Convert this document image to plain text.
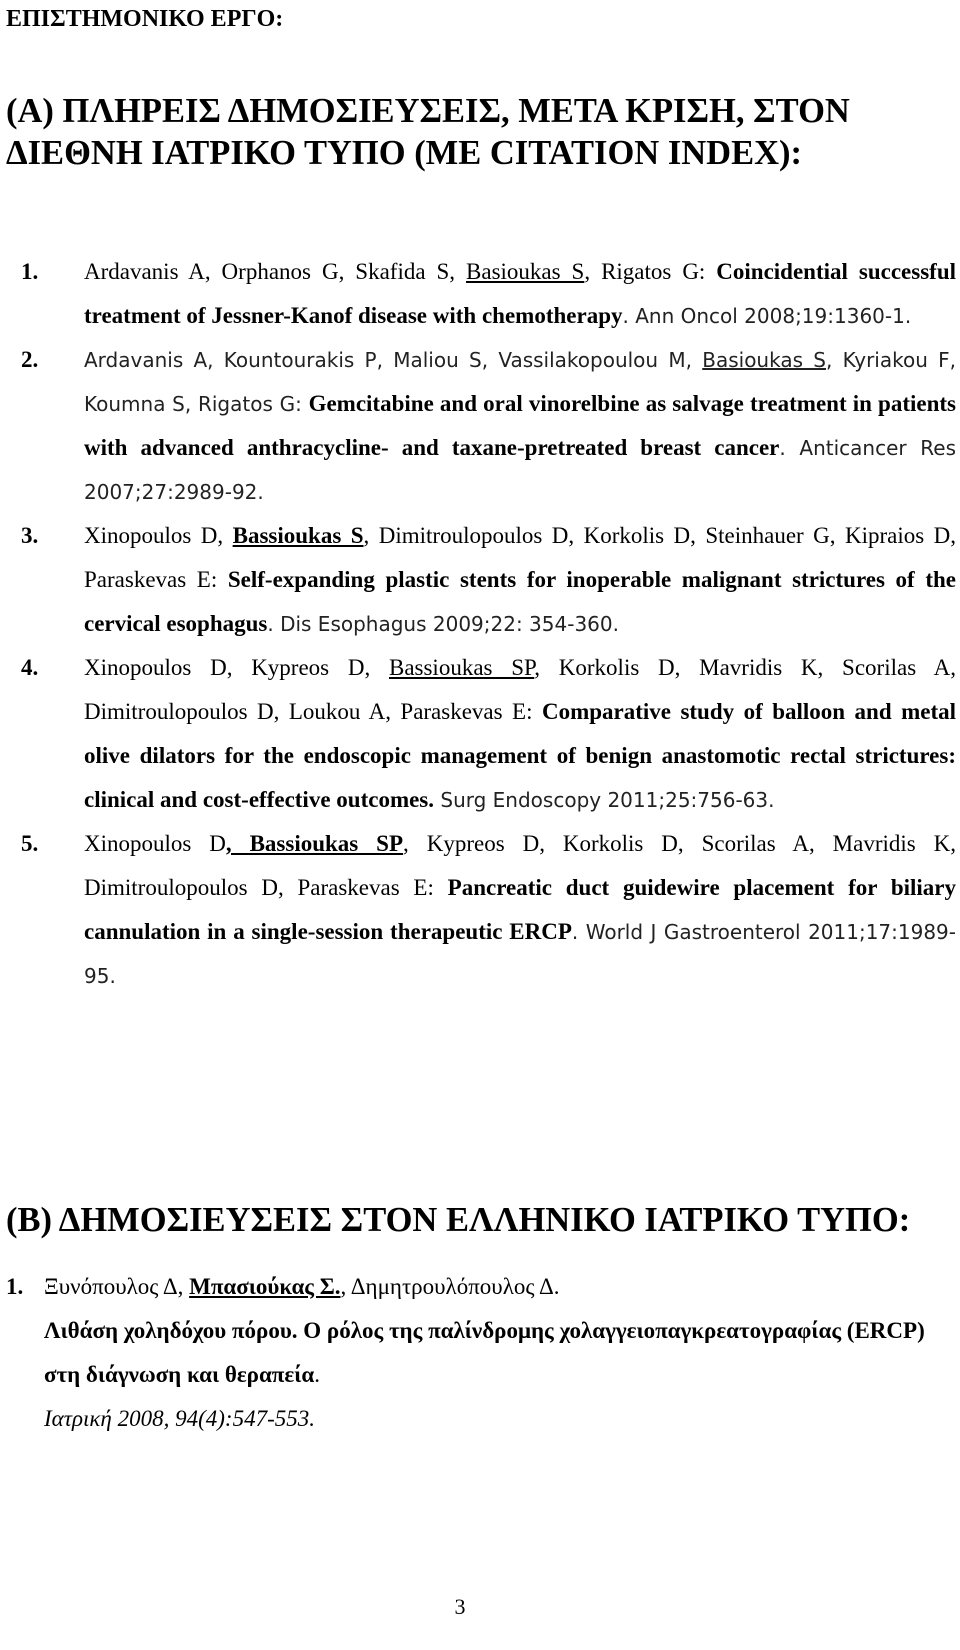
ΕΠΙΣΤΗΜΟΝΙΚΟ ΕΡΓΟ:
(Α) ΠΛΗΡΕΙΣ ΔΗΜΟΣΙΕΥΣΕΙΣ, ΜΕΤΑ ΚΡΙΣΗ, ΣΤΟΝ ΔΙΕΘΝΗ ΙΑΤΡΙΚΟ ΤΥΠΟ (ΜΕ CITATION INDEX):
1. Ardavanis A, Orphanos G, Skafida S, Basioukas S, Rigatos G: Coincidential successful treatment of Jessner-Kanof disease with chemotherapy. Ann Oncol 2008;19:1360-1.
2. Ardavanis A, Kountourakis P, Maliou S, Vassilakopoulou M, Basioukas S, Kyriakou F, Koumna S, Rigatos G: Gemcitabine and oral vinorelbine as salvage treatment in patients with advanced anthracycline- and taxane-pretreated breast cancer. Anticancer Res 2007;27:2989-92.
3. Xinopoulos D, Bassioukas S, Dimitroulopoulos D, Korkolis D, Steinhauer G, Kipraios D, Paraskevas E: Self-expanding plastic stents for inoperable malignant strictures of the cervical esophagus. Dis Esophagus 2009;22: 354-360.
4. Xinopoulos D, Kypreos D, Bassioukas SP, Korkolis D, Mavridis K, Scorilas A, Dimitroulopoulos D, Loukou A, Paraskevas E: Comparative study of balloon and metal olive dilators for the endoscopic management of benign anastomotic rectal strictures: clinical and cost-effective outcomes. Surg Endoscopy 2011;25:756-63.
5. Xinopoulos D, Bassioukas SP, Kypreos D, Korkolis D, Scorilas A, Mavridis K, Dimitroulopoulos D, Paraskevas E: Pancreatic duct guidewire placement for biliary cannulation in a single-session therapeutic ERCP. World J Gastroenterol 2011;17:1989-95.
(Β) ΔΗΜΟΣΙΕΥΣΕΙΣ ΣΤΟΝ ΕΛΛΗΝΙΚΟ ΙΑΤΡΙΚΟ ΤΥΠΟ:
1. Ξυνόπουλος Δ, Μπασιούκας Σ., Δημητρουλόπουλος Δ.
Λιθάση χοληδόχου πόρου. Ο ρόλος της παλίνδρομης χολαγγειοπαγκρεατογραφίας (ERCP) στη διάγνωση και θεραπεία.
Ιατρική 2008, 94(4):547-553.
3
